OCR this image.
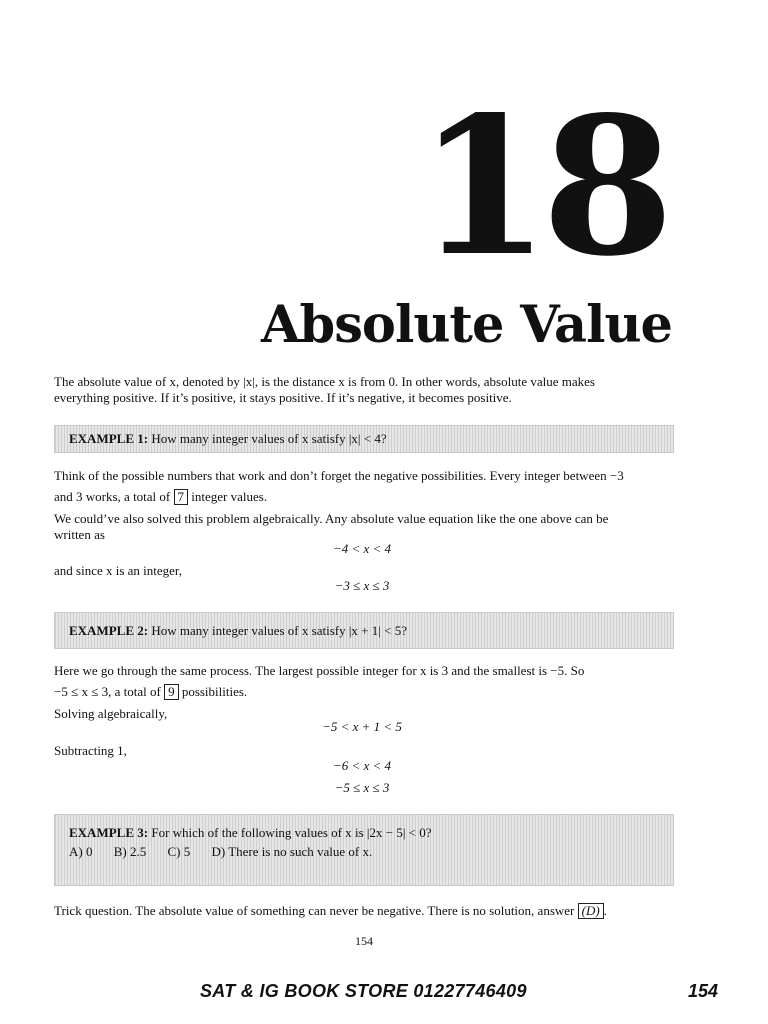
18
Absolute Value
The absolute value of x, denoted by |x|, is the distance x is from 0. In other words, absolute value makes
everything positive. If it’s positive, it stays positive. If it’s negative, it becomes positive.
EXAMPLE 1: How many integer values of x satisfy |x| < 4?
Think of the possible numbers that work and don’t forget the negative possibilities. Every integer between −3
and 3 works, a total of 7 integer values.
We could’ve also solved this problem algebraically. Any absolute value equation like the one above can be
written as
−4 < x < 4
and since x is an integer,
−3 ≤ x ≤ 3
EXAMPLE 2: How many integer values of x satisfy |x + 1| < 5?
Here we go through the same process. The largest possible integer for x is 3 and the smallest is −5. So
−5 ≤ x ≤ 3, a total of 9 possibilities.
Solving algebraically,
−5 < x + 1 < 5
Subtracting 1,
−6 < x < 4
−5 ≤ x ≤ 3
EXAMPLE 3: For which of the following values of x is |2x − 5| < 0?
A) 0 B) 2.5 C) 5 D) There is no such value of x.
Trick question. The absolute value of something can never be negative. There is no solution, answer (D) .
154
SAT & IG BOOK STORE 01227746409	154
